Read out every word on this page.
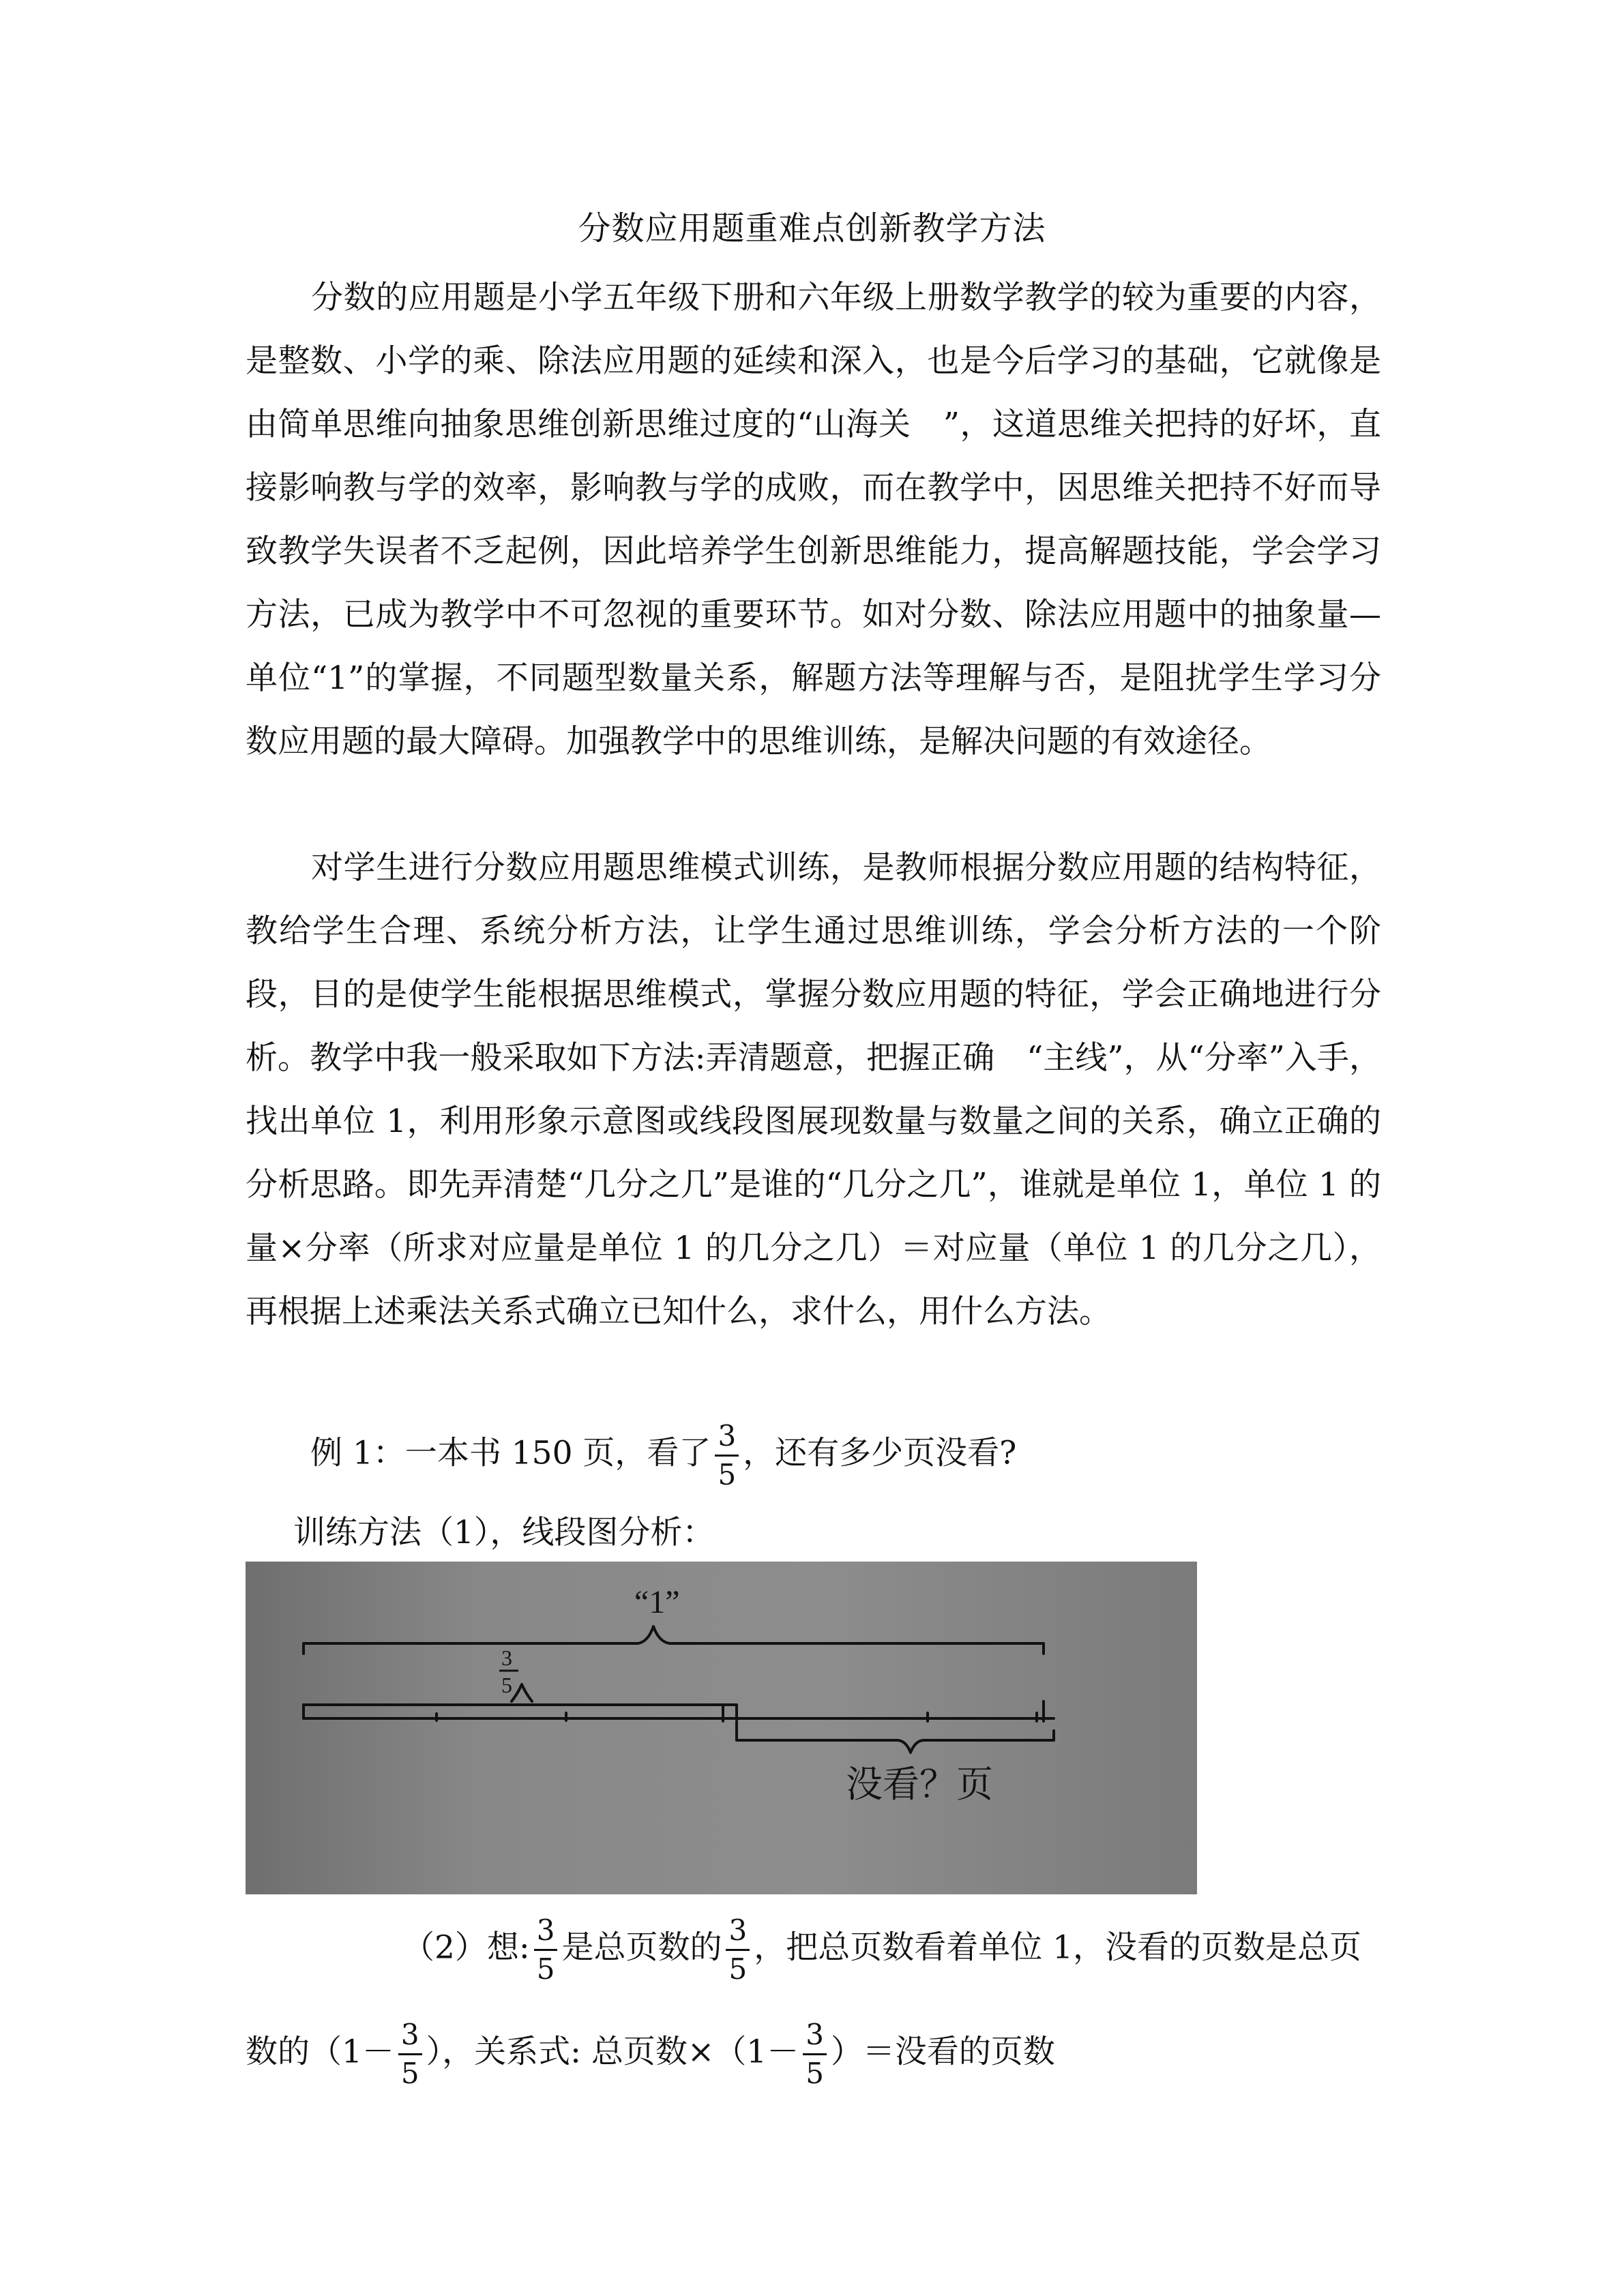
分数应用题重难点创新教学方法

分数的应用题是小学五年级下册和六年级上册数学教学的较为重要的内容，是整数、小学的乘、除法应用题的延续和深入，也是今后学习的基础，它就像是由简单思维向抽象思维创新思维过度的“山海关　”，这道思维关把持的好坏，直接影响教与学的效率，影响教与学的成败，而在教学中，因思维关把持不好而导致教学失误者不乏起例，因此培养学生创新思维能力，提高解题技能，学会学习方法，已成为教学中不可忽视的重要环节。如对分数、除法应用题中的抽象量—单位“1”的掌握，不同题型数量关系，解题方法等理解与否，是阻扰学生学习分数应用题的最大障碍。加强教学中的思维训练，是解决问题的有效途径。

对学生进行分数应用题思维模式训练，是教师根据分数应用题的结构特征，教给学生合理、系统分析方法，让学生通过思维训练，学会分析方法的一个阶段，目的是使学生能根据思维模式，掌握分数应用题的特征，学会正确地进行分析。教学中我一般采取如下方法:弄清题意，把握正确　“主线”，从“分率”入手，找出单位 1，利用形象示意图或线段图展现数量与数量之间的关系，确立正确的分析思路。即先弄清楚“几分之几”是谁的“几分之几”，谁就是单位 1，单位 1 的量×分率（所求对应量是单位 1 的几分之几）＝对应量（单位 1 的几分之几），再根据上述乘法关系式确立已知什么，求什么，用什么方法。

例 1：一本书 150 页，看了 $\frac{3}{5}$ ，还有多少页没看?
训练方法（1），线段图分析：
“1”
3
5
没看？页
（2）想: $\frac{3}{5}$ 是总页数的 $\frac{3}{5}$ ，把总页数看着单位 1，没看的页数是总页
数的（$1- \frac{3}{5}$ ），关系式: 总页数$\times(1- \frac{3}{5}$ ）＝没看的页数
